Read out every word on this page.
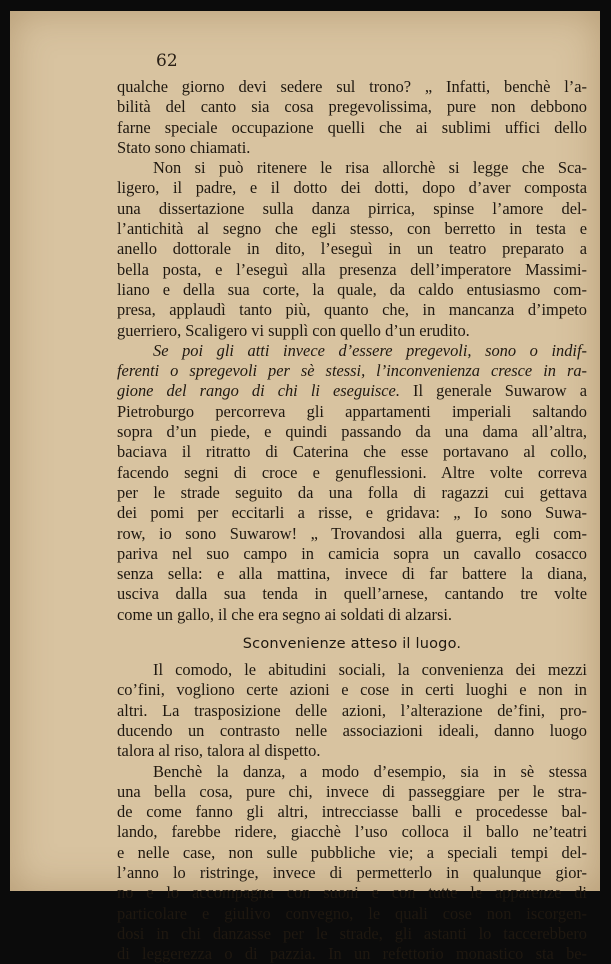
62
qualche giorno devi sedere sul trono? „ Infatti, benchè l’a-
bilità del canto sia cosa pregevolissima, pure non debbono
farne speciale occupazione quelli che ai sublimi uffici dello
Stato sono chiamati.
Non si può ritenere le risa allorchè si legge che Sca-
ligero, il padre, e il dotto dei dotti, dopo d’aver composta
una dissertazione sulla danza pirrica, spinse l’amore del-
l’antichità al segno che egli stesso, con berretto in testa e
anello dottorale in dito, l’eseguì in un teatro preparato a
bella posta, e l’eseguì alla presenza dell’imperatore Massimi-
liano e della sua corte, la quale, da caldo entusiasmo com-
presa, applaudì tanto più, quanto che, in mancanza d’impeto
guerriero, Scaligero vi supplì con quello d’un erudito.
Se poi gli atti invece d’essere pregevoli, sono o indif-
ferenti o spregevoli per sè stessi, l’inconvenienza cresce in ra-
gione del rango di chi li eseguisce. Il generale Suwarow a
Pietroburgo percorreva gli appartamenti imperiali saltando
sopra d’un piede, e quindi passando da una dama all’altra,
baciava il ritratto di Caterina che esse portavano al collo,
facendo segni di croce e genuflessioni. Altre volte correva
per le strade seguito da una folla di ragazzi cui gettava
dei pomi per eccitarli a risse, e gridava: „ Io sono Suwa-
row, io sono Suwarow! „ Trovandosi alla guerra, egli com-
pariva nel suo campo in camicia sopra un cavallo cosacco
senza sella: e alla mattina, invece di far battere la diana,
usciva dalla sua tenda in quell’arnese, cantando tre volte
come un gallo, il che era segno ai soldati di alzarsi.
Sconvenienze atteso il luogo.
Il comodo, le abitudini sociali, la convenienza dei mezzi
co’fini, vogliono certe azioni e cose in certi luoghi e non in
altri. La trasposizione delle azioni, l’alterazione de’fini, pro-
ducendo un contrasto nelle associazioni ideali, danno luogo
talora al riso, talora al dispetto.
Benchè la danza, a modo d’esempio, sia in sè stessa
una bella cosa, pure chi, invece di passeggiare per le stra-
de come fanno gli altri, intrecciasse balli e procedesse bal-
lando, farebbe ridere, giacchè l’uso colloca il ballo ne’teatri
e nelle case, non sulle pubbliche vie; a speciali tempi del-
l’anno lo ristringe, invece di permetterlo in qualunque gior-
no e lo accompagna con suoni e con tutte le apparenze di
particolare e giulivo convegno, le quali cose non iscorgen-
dosi in chi danzasse per le strade, gli astanti lo taccerebbero
di leggerezza o di pazzia. In un refettorio monastico sta be-
